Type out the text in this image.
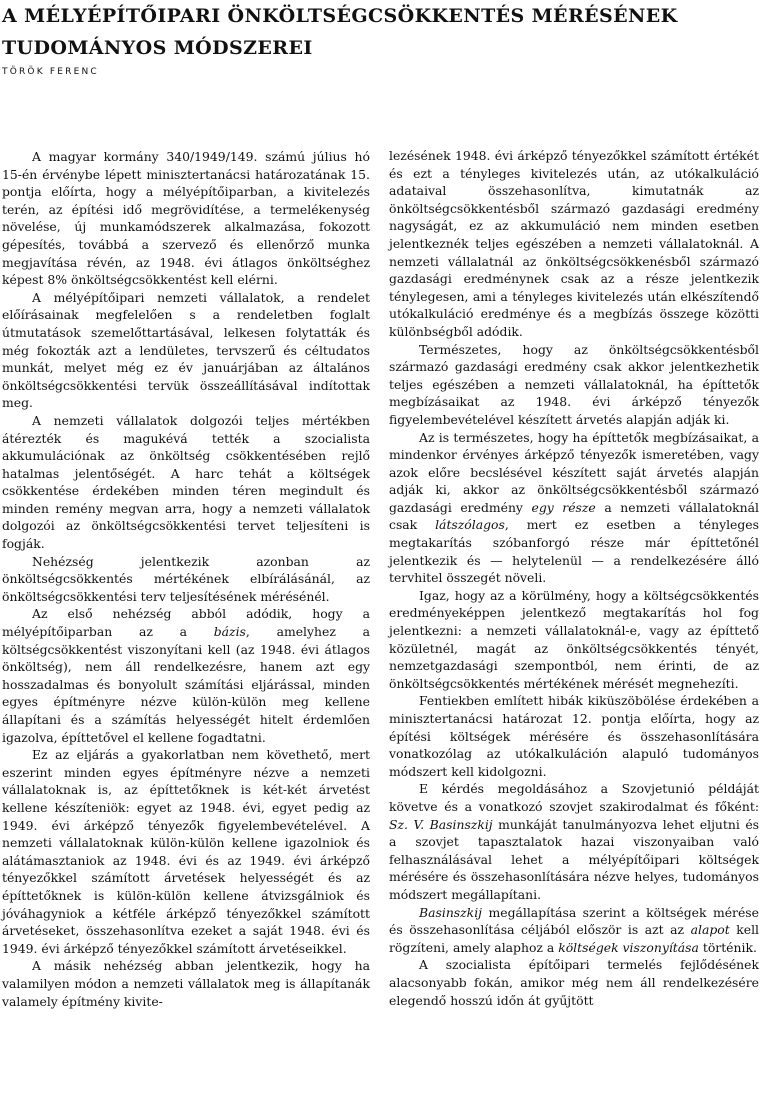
A MÉLYÉPÍTŐIPARI ÖNKÖLTSÉGCSÖKKENTÉS MÉRÉSÉNEK
TUDOMÁNYOS MÓDSZEREI
TÖRÖK FERENC

A magyar kormány 340/1949/149. számú július hó 15-én érvénybe lépett minisztertanácsi határozatának 15. pontja előírta, hogy a mélyépítőiparban, a kivitelezés terén, az építési idő megrövidítése, a termelékenység növelése, új munkamódszerek alkalmazása, fokozott gépesítés, továbbá a szervező és ellenőrző munka megjavítása révén, az 1948. évi átlagos önköltséghez képest 8% önköltségcsökkentést kell elérni.

A mélyépítőipari nemzeti vállalatok, a rendelet előírásainak megfelelően s a rendeletben foglalt útmutatások szemelőttartásával, lelkesen folytatták és még fokozták azt a lendületes, tervszerű és céltudatos munkát, melyet még ez év januárjában az általános önköltségcsökkentési tervük összeállításával indítottak meg.

A nemzeti vállalatok dolgozói teljes mértékben átérezték és magukévá tették a szocialista akkumulációnak az önköltség csökkentésében rejlő hatalmas jelentőségét. A harc tehát a költségek csökkentése érdekében minden téren megindult és minden remény megvan arra, hogy a nemzeti vállalatok dolgozói az önköltségcsökkentési tervet teljesíteni is fogják.

Nehézség jelentkezik azonban az önköltségcsökkentés mértékének elbírálásánál, az önköltségcsökkentési terv teljesítésének mérésénél.

Az első nehézség abból adódik, hogy a mélyépítőiparban az a bázis, amelyhez a költségcsökkentést viszonyítani kell (az 1948. évi átlagos önköltség), nem áll rendelkezésre, hanem azt egy hosszadalmas és bonyolult számítási eljárással, minden egyes építményre nézve külön-külön meg kellene állapítani és a számítás helyességét hitelt érdemlően igazolva, építtetővel el kellene fogadtatni.

Ez az eljárás a gyakorlatban nem követhető, mert eszerint minden egyes építményre nézve a nemzeti vállalatoknak is, az építtetőknek is két-két árvetést kellene készíteniök: egyet az 1948. évi, egyet pedig az 1949. évi árképző tényezők figyelembevételével. A nemzeti vállalatoknak külön-külön kellene igazolniok és alátámasztaniok az 1948. évi és az 1949. évi árképző tényezőkkel számított árvetések helyességét és az építtetőknek is külön-külön kellene átvizsgálniok és jóváhagyniok a kétféle árképző tényezőkkel számított árvetéseket, összehasonlítva ezeket a saját 1948. évi és 1949. évi árképző tényezőkkel számított árvetéseikkel.

A másik nehézség abban jelentkezik, hogy ha valamilyen módon a nemzeti vállalatok meg is állapítanák valamely építmény kivite-

lezésének 1948. évi árképző tényezőkkel számított értékét és ezt a tényleges kivitelezés után, az utókalkuláció adataival összehasonlítva, kimutatnák az önköltségcsökkentésből származó gazdasági eredmény nagyságát, ez az akkumuláció nem minden esetben jelentkeznék teljes egészében a nemzeti vállalatoknál. A nemzeti vállalatnál az önköltségcsökkenésből származó gazdasági eredménynek csak az a része jelentkezik ténylegesen, ami a tényleges kivitelezés után elkészítendő utókalkuláció eredménye és a megbízás összege közötti különbségből adódik.

Természetes, hogy az önköltségcsökkentésből származó gazdasági eredmény csak akkor jelentkezhetik teljes egészében a nemzeti vállalatoknál, ha építtetők megbízásaikat az 1948. évi árképző tényezők figyelembevételével készített árvetés alapján adják ki.

Az is természetes, hogy ha építtetők megbízásaikat, a mindenkor érvényes árképző tényezők ismeretében, vagy azok előre becslésével készített saját árvetés alapján adják ki, akkor az önköltségcsökkentésből származó gazdasági eredmény egy része a nemzeti vállalatoknál csak látszólagos, mert ez esetben a tényleges megtakarítás szóbanforgó része már építtetőnél jelentkezik és — helytelenül — a rendelkezésére álló tervhitel összegét növeli.

Igaz, hogy az a körülmény, hogy a költségcsökkentés eredményeképpen jelentkező megtakarítás hol fog jelentkezni: a nemzeti vállalatoknál-e, vagy az építtető közületnél, magát az önköltségcsökkentés tényét, nemzetgazdasági szempontból, nem érinti, de az önköltségcsökkentés mértékének mérését megnehezíti.

Fentiekben említett hibák kiküszöbölése érdekében a minisztertanácsi határozat 12. pontja előírta, hogy az építési költségek mérésére és összehasonlítására vonatkozólag az utókalkuláción alapuló tudományos módszert kell kidolgozni.

E kérdés megoldásához a Szovjetunió példáját követve és a vonatkozó szovjet szakirodalmat és főként: Sz. V. Basinszkij munkáját tanulmányozva lehet eljutni és a szovjet tapasztalatok hazai viszonyaiban való felhasználásával lehet a mélyépítőipari költségek mérésére és összehasonlítására nézve helyes, tudományos módszert megállapítani.

Basinszkij megállapítása szerint a költségek mérése és összehasonlítása céljából először is azt az alapot kell rögzíteni, amely alaphoz a költségek viszonyítása történik.

A szocialista építőipari termelés fejlődésének alacsonyabb fokán, amikor még nem áll rendelkezésére elegendő hosszú időn át gyűjtött
